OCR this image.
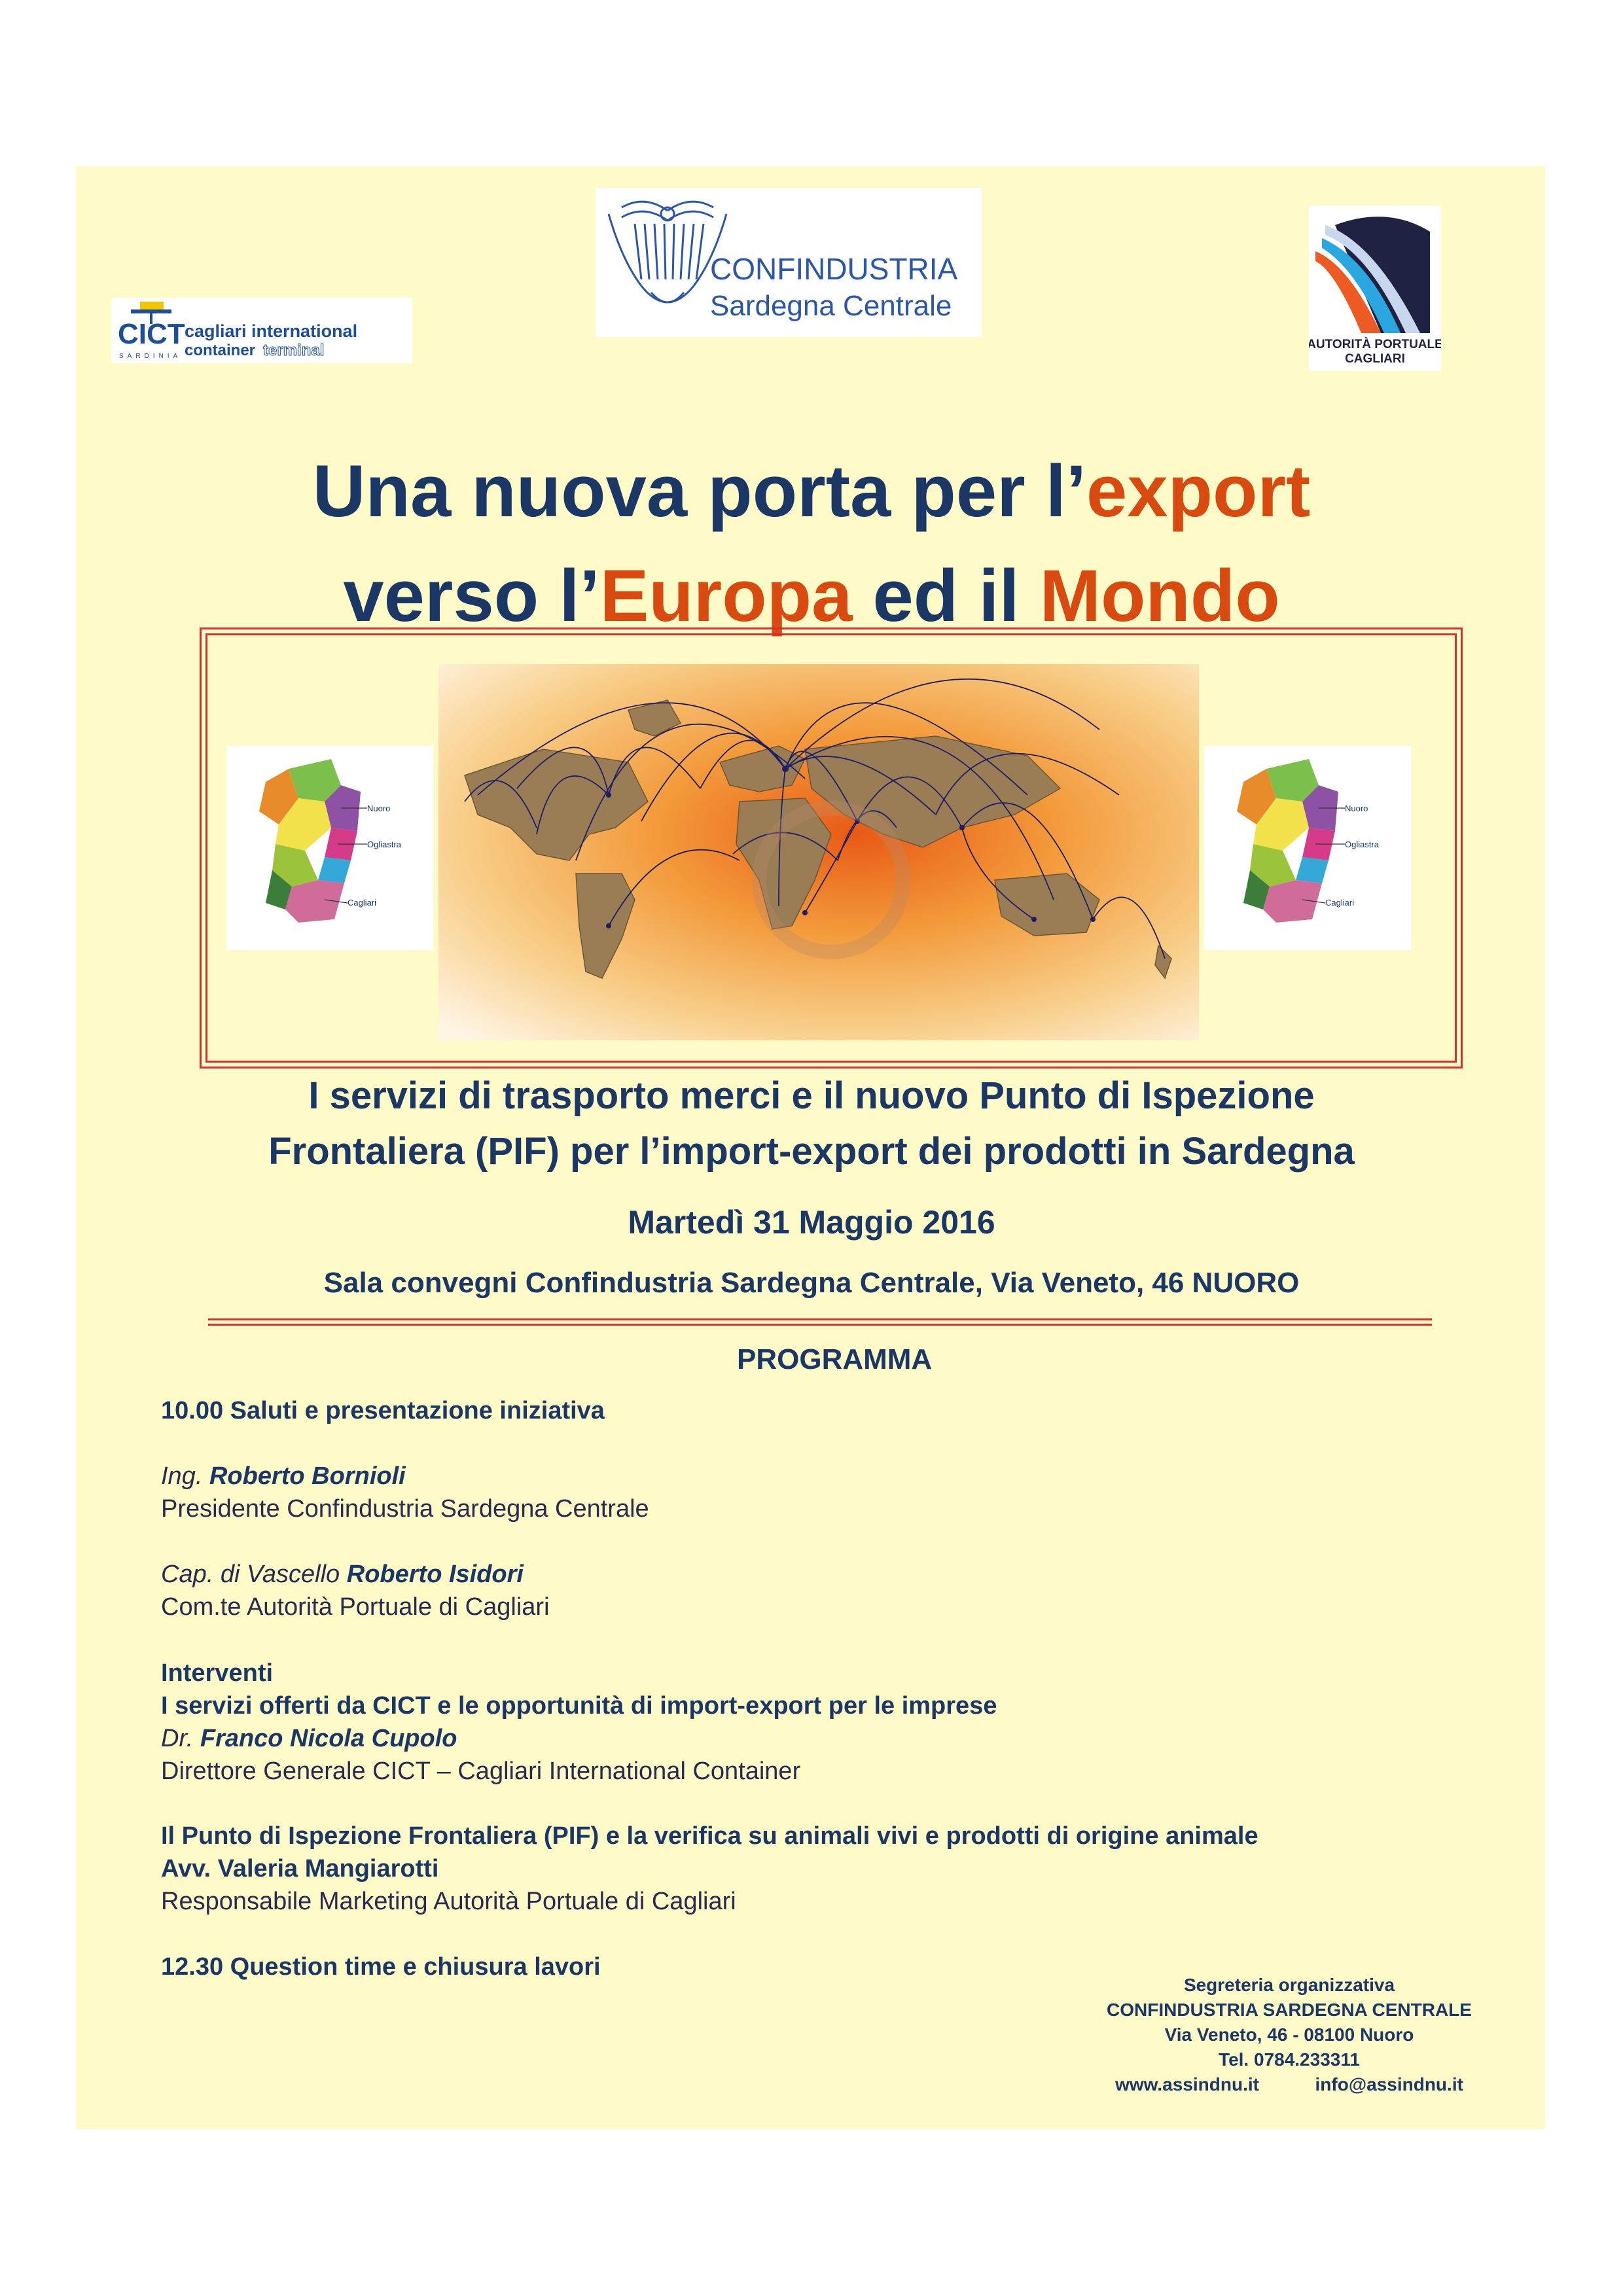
CICT
SARDINIA
cagliari international
container terminal
CONFINDUSTRIA
Sardegna Centrale
AUTORITÀ PORTUALE
CAGLIARI
Una nuova porta per l’export
verso l’Europa ed il Mondo
Nuoro
Ogliastra
Cagliari
Nuoro
Ogliastra
Cagliari
I servizi di trasporto merci e il nuovo Punto di Ispezione
Frontaliera (PIF) per l’import-export dei prodotti in Sardegna
Martedì 31 Maggio 2016
Sala convegni Confindustria Sardegna Centrale, Via Veneto, 46 NUORO
PROGRAMMA
10.00 Saluti e presentazione iniziativa
Ing. Roberto Bornioli
Presidente Confindustria Sardegna Centrale
Cap. di Vascello Roberto Isidori
Com.te Autorità Portuale di Cagliari
Interventi
I servizi offerti da CICT e le opportunità di import-export per le imprese
Dr. Franco Nicola Cupolo
Direttore Generale CICT – Cagliari International Container
Il Punto di Ispezione Frontaliera (PIF) e la verifica su animali vivi e prodotti di origine animale
Avv. Valeria Mangiarotti
Responsabile Marketing Autorità Portuale di Cagliari
12.30 Question time e chiusura lavori
Segreteria organizzativa
CONFINDUSTRIA SARDEGNA CENTRALE
Via Veneto, 46 - 08100 Nuoro
Tel. 0784.233311
www.assindnu.it	info@assindnu.it
